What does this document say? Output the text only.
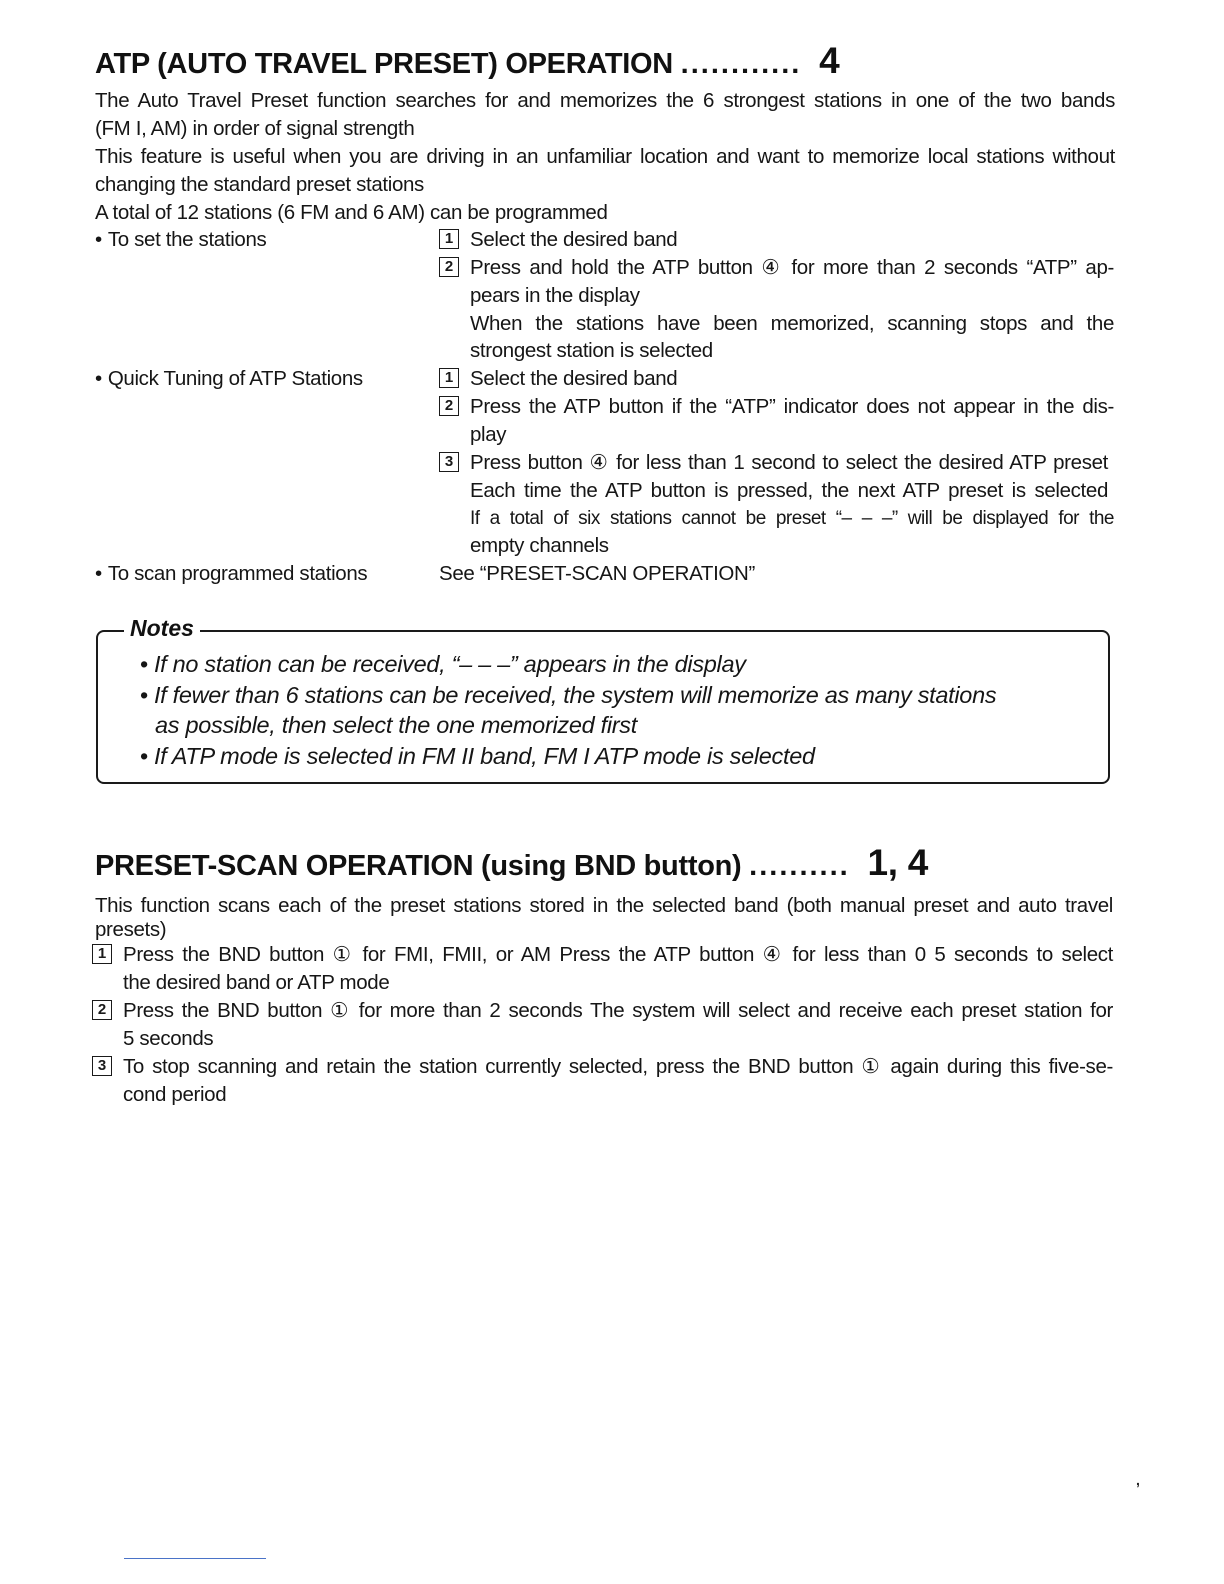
ATP (AUTO TRAVEL PRESET) OPERATION ............ 4
The Auto Travel Preset function searches for and memorizes the 6 strongest stations in one of the two bands
(FM I, AM) in order of signal strength
This feature is useful when you are driving in an unfamiliar location and want to memorize local stations without
changing the standard preset stations
A total of 12 stations (6 FM and 6 AM) can be programmed
• To set the stations	1 Select the desired band
2 Press and hold the ATP button ④ for more than 2 seconds “ATP” ap-
pears in the display
When the stations have been memorized, scanning stops and the
strongest station is selected
• Quick Tuning of ATP Stations	1 Select the desired band
2 Press the ATP button if the “ATP” indicator does not appear in the dis-
play
3 Press button ④ for less than 1 second to select the desired ATP preset
Each time the ATP button is pressed, the next ATP preset is selected
If a total of six stations cannot be preset “– – –” will be displayed for the
empty channels
• To scan programmed stations	See “PRESET-SCAN OPERATION”
Notes
• If no station can be received, “– – –” appears in the display
• If fewer than 6 stations can be received, the system will memorize as many stations
as possible, then select the one memorized first
• If ATP mode is selected in FM II band, FM I ATP mode is selected
PRESET-SCAN OPERATION (using BND button) .......... 1, 4
This function scans each of the preset stations stored in the selected band (both manual preset and auto travel
presets)
1 Press the BND button ① for FMI, FMII, or AM Press the ATP button ④ for less than 0 5 seconds to select
the desired band or ATP mode
2 Press the BND button ① for more than 2 seconds The system will select and receive each preset station for
5 seconds
3 To stop scanning and retain the station currently selected, press the BND button ① again during this five-se-
cond period
,
